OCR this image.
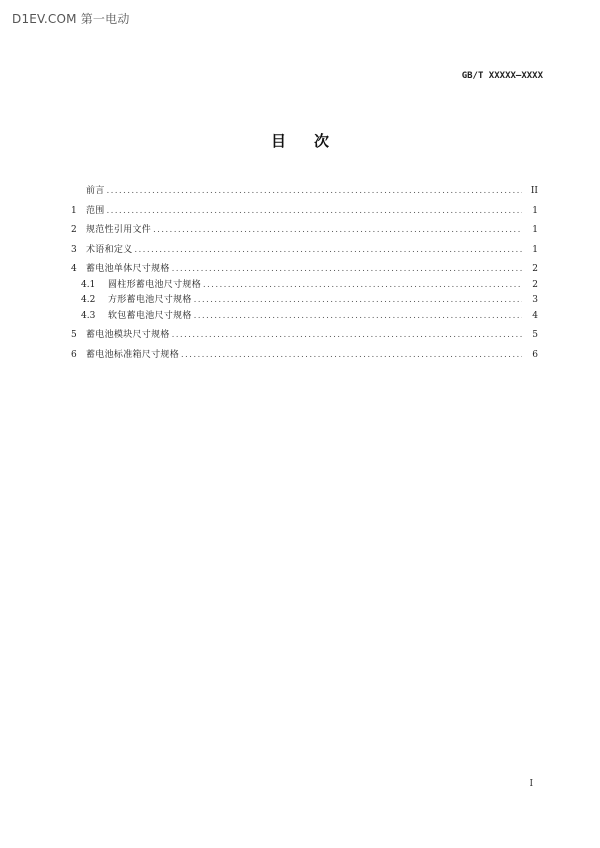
D1EV.COM 第一电动
GB/T XXXXX—XXXX
目次
前言 .....	II
1	范围 .....	1
2	规范性引用文件 .....	1
3	术语和定义 .....	1
4	蓄电池单体尺寸规格 .....	2
4.1	圆柱形蓄电池尺寸规格 .....	2
4.2	方形蓄电池尺寸规格 .....	3
4.3	软包蓄电池尺寸规格 .....	4
5	蓄电池模块尺寸规格 .....	5
6	蓄电池标准箱尺寸规格 .....	6
I
